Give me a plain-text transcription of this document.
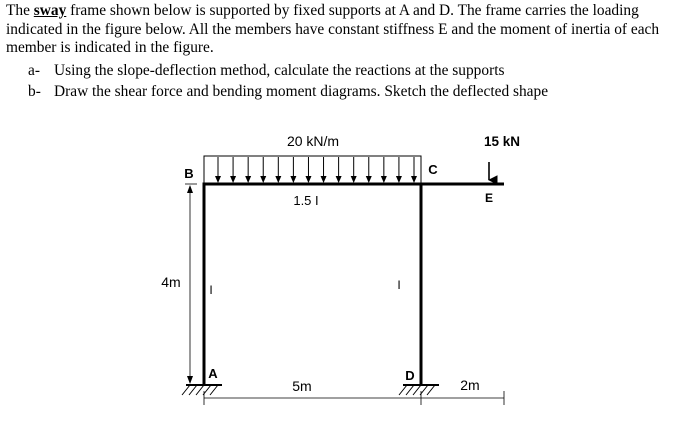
The sway frame shown below is supported by fixed supports at A and D. The frame carries the loading indicated in the figure below. All the members have constant stiffness E and the moment of inertia of each member is indicated in the figure.

a- Using the slope-deflection method, calculate the reactions at the supports
b- Draw the shear force and bending moment diagrams. Sketch the deflected shape
20 kN/m	15 kN
B	C
E
A	D
1.5 I
I	I
4m
5m	2m
